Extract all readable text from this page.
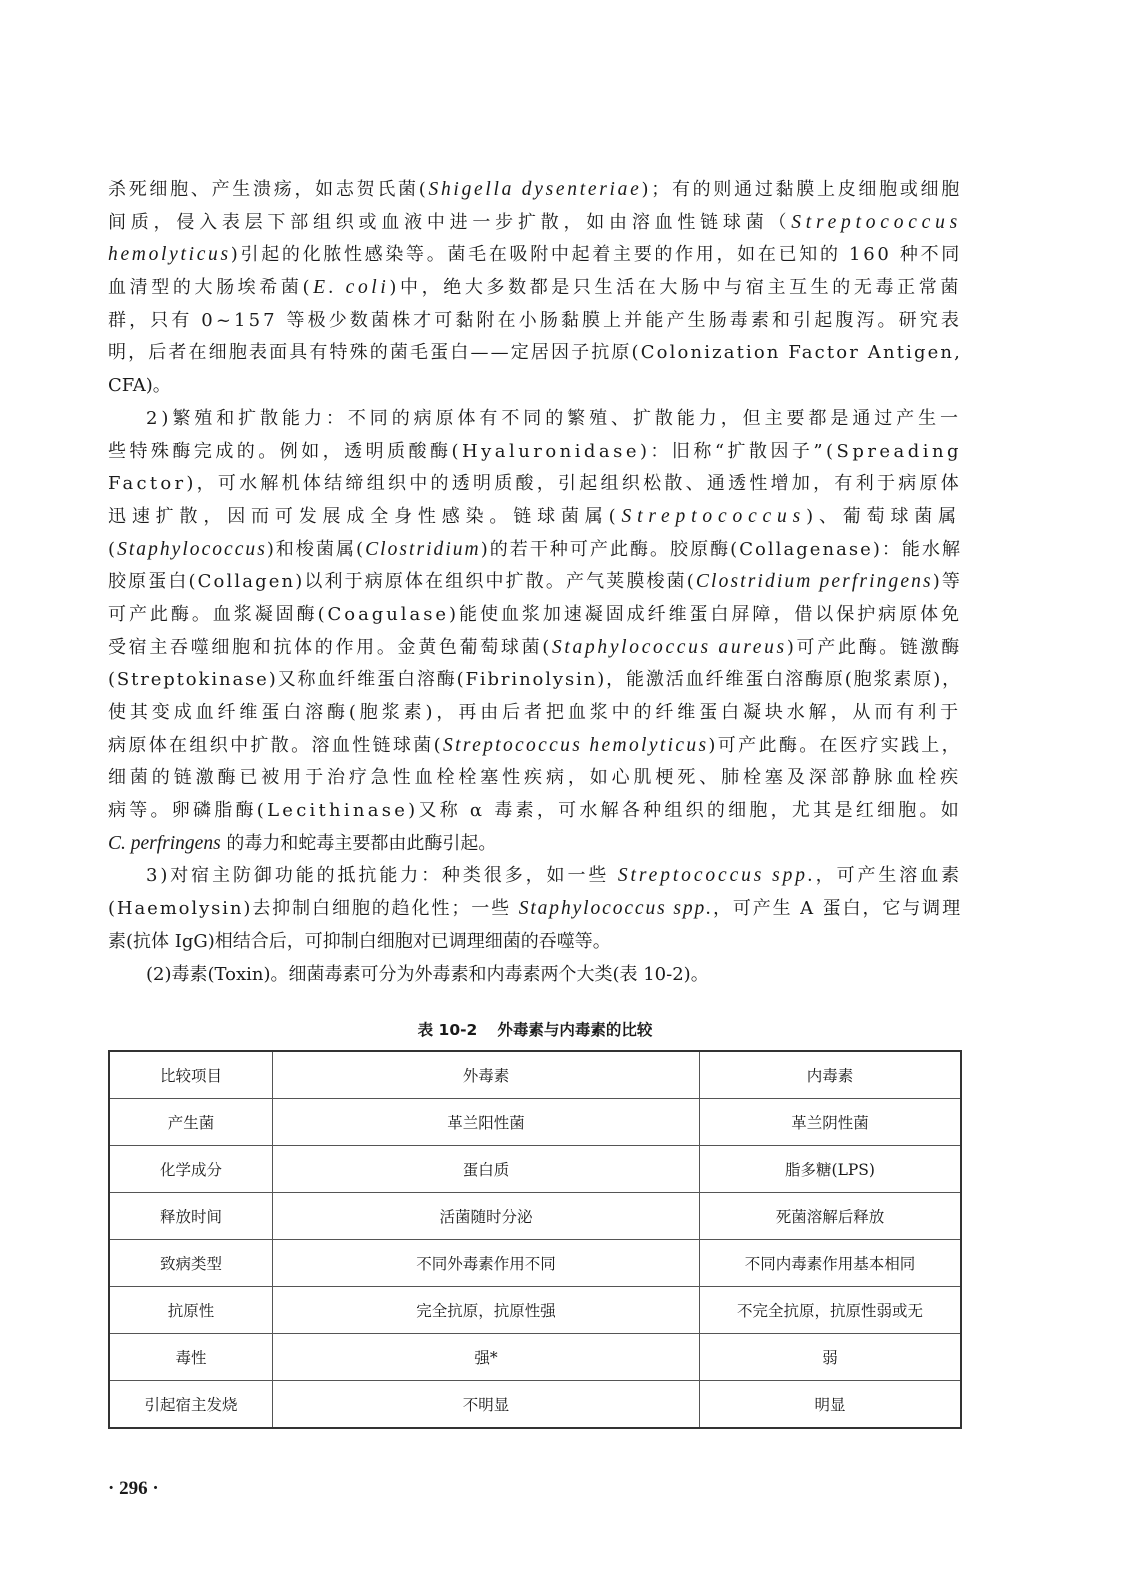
杀死细胞、产生溃疡，如志贺氏菌(Shigella dysenteriae)；有的则通过黏膜上皮细胞或细胞
间质，侵入表层下部组织或血液中进一步扩散，如由溶血性链球菌（Streptococcus
hemolyticus)引起的化脓性感染等。菌毛在吸附中起着主要的作用，如在已知的 160 种不同
血清型的大肠埃希菌(E. coli)中，绝大多数都是只生活在大肠中与宿主互生的无毒正常菌
群，只有 0~157 等极少数菌株才可黏附在小肠黏膜上并能产生肠毒素和引起腹泻。研究表
明，后者在细胞表面具有特殊的菌毛蛋白——定居因子抗原(Colonization Factor Antigen,
CFA)。
2)繁殖和扩散能力：不同的病原体有不同的繁殖、扩散能力，但主要都是通过产生一
些特殊酶完成的。例如，透明质酸酶(Hyaluronidase)：旧称“扩散因子”(Spreading
Factor)，可水解机体结缔组织中的透明质酸，引起组织松散、通透性增加，有利于病原体
迅速扩散，因而可发展成全身性感染。链球菌属(Streptococcus)、葡萄球菌属
(Staphylococcus)和梭菌属(Clostridium)的若干种可产此酶。胶原酶(Collagenase)：能水解
胶原蛋白(Collagen)以利于病原体在组织中扩散。产气荚膜梭菌(Clostridium perfringens)等
可产此酶。血浆凝固酶(Coagulase)能使血浆加速凝固成纤维蛋白屏障，借以保护病原体免
受宿主吞噬细胞和抗体的作用。金黄色葡萄球菌(Staphylococcus aureus)可产此酶。链激酶
(Streptokinase)又称血纤维蛋白溶酶(Fibrinolysin)，能激活血纤维蛋白溶酶原(胞浆素原)，
使其变成血纤维蛋白溶酶(胞浆素)，再由后者把血浆中的纤维蛋白凝块水解，从而有利于
病原体在组织中扩散。溶血性链球菌(Streptococcus hemolyticus)可产此酶。在医疗实践上，
细菌的链激酶已被用于治疗急性血栓栓塞性疾病，如心肌梗死、肺栓塞及深部静脉血栓疾
病等。卵磷脂酶(Lecithinase)又称 α 毒素，可水解各种组织的细胞，尤其是红细胞。如
C. perfringens 的毒力和蛇毒主要都由此酶引起。
3)对宿主防御功能的抵抗能力：种类很多，如一些 Streptococcus spp.，可产生溶血素
(Haemolysin)去抑制白细胞的趋化性；一些 Staphylococcus spp.，可产生 A 蛋白，它与调理
素(抗体 IgG)相结合后，可抑制白细胞对已调理细菌的吞噬等。
(2)毒素(Toxin)。细菌毒素可分为外毒素和内毒素两个大类(表 10-2)。
表 10-2 外毒素与内毒素的比较
比较项目	外毒素	内毒素
产生菌	革兰阳性菌	革兰阴性菌
化学成分	蛋白质	脂多糖(LPS)
释放时间	活菌随时分泌	死菌溶解后释放
致病类型	不同外毒素作用不同	不同内毒素作用基本相同
抗原性	完全抗原，抗原性强	不完全抗原，抗原性弱或无
毒性	强*	弱
引起宿主发烧	不明显	明显
· 296 ·
